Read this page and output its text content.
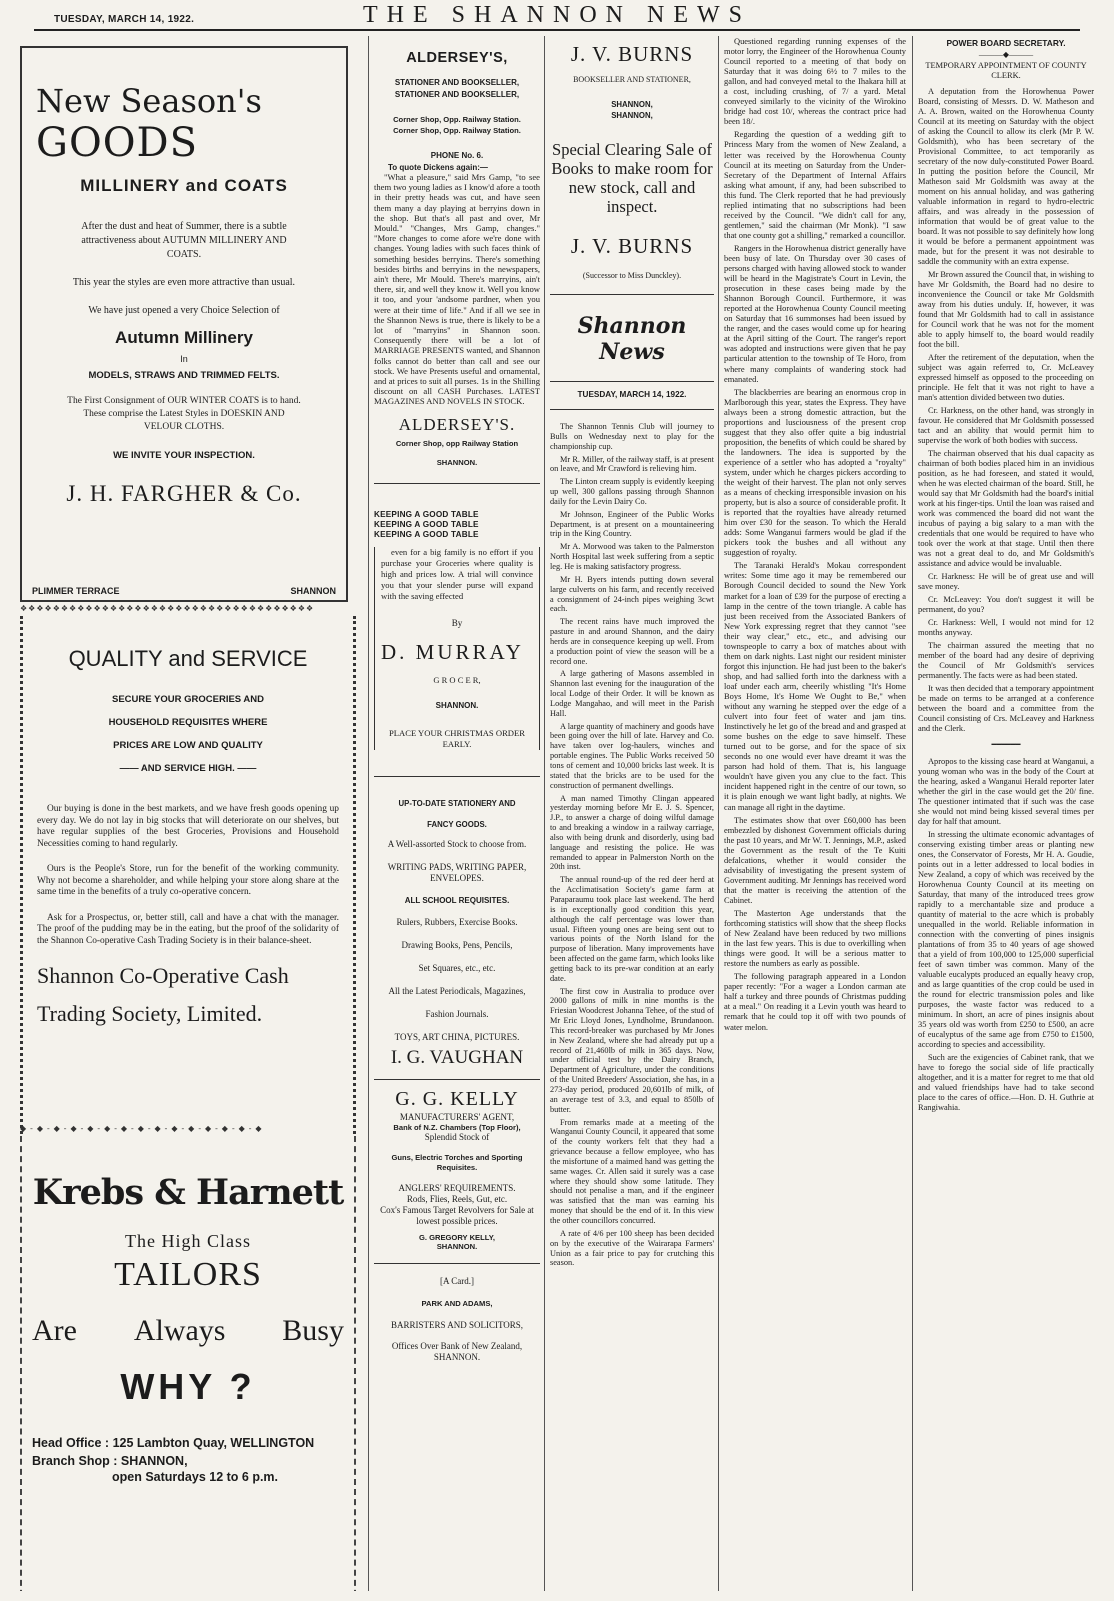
TUESDAY, MARCH 14, 1922.	THE SHANNON NEWS
New Season's
GOODS
MILLINERY and COATS
After the dust and heat of Summer, there is a subtle attractiveness about AUTUMN MILLINERY AND COATS.
This year the styles are even more attractive than usual.
We have just opened a very Choice Selection of
Autumn Millinery
In
MODELS, STRAWS AND TRIMMED FELTS.
The First Consignment of OUR WINTER COATS is to hand. These comprise the Latest Styles in DOESKIN AND VELOUR CLOTHS.
WE INVITE YOUR INSPECTION.
J. H. FARGHER & Co.
PLIMMER TERRACE	SHANNON
❖❖❖❖❖❖❖❖❖❖❖❖❖❖❖❖❖❖❖❖❖❖❖❖❖❖❖❖❖❖❖❖❖❖❖❖
QUALITY and SERVICE
SECURE YOUR GROCERIES AND
HOUSEHOLD REQUISITES WHERE
PRICES ARE LOW AND QUALITY
—— AND SERVICE HIGH. ——

Our buying is done in the best markets, and we have fresh goods opening up every day. We do not lay in big stocks that will deteriorate on our shelves, but have regular supplies of the best Groceries, Provisions and Household Necessities coming to hand regularly.

Ours is the People's Store, run for the benefit of the working community. Why not become a shareholder, and while helping your store along share at the same time in the benefits of a truly co-operative concern.

Ask for a Prospectus, or, better still, call and have a chat with the manager. The proof of the pudding may be in the eating, but the proof of the solidarity of the Shannon Co-operative Cash Trading Society is in their balance-sheet.

Shannon Co-Operative Cash
Trading Society, Limited.
◆ - ◆ - ◆ - ◆ - ◆ - ◆ - ◆ - ◆ - ◆ - ◆ - ◆ - ◆ - ◆ - ◆ - ◆
Krebs & Harnett
The High Class
TAILORS
Are Always Busy
WHY ?
Head Office : 125 Lambton Quay, WELLINGTON
Branch Shop : SHANNON,
open Saturdays 12 to 6 p.m.
ALDERSEY'S,
STATIONER AND BOOKSELLER,
STATIONER AND BOOKSELLER,
Corner Shop, Opp. Railway Station.
Corner Shop, Opp. Railway Station.
PHONE No. 6.
To quote Dickens again:—

"What a pleasure," said Mrs Gamp, "to see them two young ladies as I know'd afore a tooth in their pretty heads was cut, and have seen them many a day playing at berryins down in the shop. But that's all past and over, Mr Mould." "Changes, Mrs Gamp, changes." "More changes to come afore we're done with changes. Young ladies with such faces think of something besides berryins. There's something besides births and berryins in the newspapers, ain't there, Mr Mould. There's marryins, ain't there, sir, and well they know it. Well you know it too, and your 'andsome pardner, when you were at their time of life." And if all we see in the Shannon News is true, there is likely to be a lot of "marryins" in Shannon soon. Consequently there will be a lot of MARRIAGE PRESENTS wanted, and Shannon folks cannot do better than call and see our stock. We have Presents useful and ornamental, and at prices to suit all purses. 1s in the Shilling discount on all CASH Purchases. LATEST MAGAZINES AND NOVELS IN STOCK.

ALDERSEY'S.
Corner Shop, opp Railway Station
SHANNON.
KEEPING A GOOD TABLE
KEEPING A GOOD TABLE
KEEPING A GOOD TABLE

even for a big family is no effort if you purchase your Groceries where quality is high and prices low. A trial will convince you that your slender purse will expand with the saving effected

By
D. MURRAY
G R O C E R,
SHANNON.
PLACE YOUR CHRISTMAS ORDER EARLY.
UP-TO-DATE STATIONERY AND
FANCY GOODS.
A Well-assorted Stock to choose from.
WRITING PADS, WRITING PAPER, ENVELOPES.
ALL SCHOOL REQUISITES.
Rulers, Rubbers, Exercise Books.
Drawing Books, Pens, Pencils,
Set Squares, etc., etc.
All the Latest Periodicals, Magazines,
Fashion Journals.
TOYS, ART CHINA, PICTURES.
I. G. VAUGHAN
G. G. KELLY
MANUFACTURERS' AGENT,
Bank of N.Z. Chambers (Top Floor),
Splendid Stock of
Guns, Electric Torches and Sporting Requisites.
ANGLERS' REQUIREMENTS.
Rods, Flies, Reels, Gut, etc.
Cox's Famous Target Revolvers for Sale at lowest possible prices.
G. GREGORY KELLY,
SHANNON.
[A Card.]
PARK AND ADAMS,
BARRISTERS AND SOLICITORS,
Offices Over Bank of New Zealand, SHANNON.
J. V. BURNS
BOOKSELLER AND STATIONER,
SHANNON,
SHANNON,
Special Clearing Sale of Books to make room for new stock, call and inspect.
J. V. BURNS
(Successor to Miss Dunckley).
Shannon News
TUESDAY, MARCH 14, 1922.

The Shannon Tennis Club will journey to Bulls on Wednesday next to play for the championship cup.

Mr R. Miller, of the railway staff, is at present on leave, and Mr Crawford is relieving him.

The Linton cream supply is evidently keeping up well, 300 gallons passing through Shannon daily for the Levin Dairy Co.

Mr Johnson, Engineer of the Public Works Department, is at present on a mountaineering trip in the King Country.

Mr A. Morwood was taken to the Palmerston North Hospital last week suffering from a septic leg. He is making satisfactory progress.

Mr H. Byers intends putting down several large culverts on his farm, and recently received a consignment of 24-inch pipes weighing 3cwt each.

The recent rains have much improved the pasture in and around Shannon, and the dairy herds are in consequence keeping up well. From a production point of view the season will be a record one.

A large gathering of Masons assembled in Shannon last evening for the inauguration of the local Lodge of their Order. It will be known as Lodge Mangahao, and will meet in the Parish Hall.

A large quantity of machinery and goods have been going over the hill of late. Harvey and Co. have taken over log-haulers, winches and portable engines. The Public Works received 50 tons of cement and 10,000 bricks last week. It is stated that the bricks are to be used for the construction of permanent dwellings.

A man named Timothy Clingan appeared yesterday morning before Mr E. J. S. Spencer, J.P., to answer a charge of doing wilful damage to and breaking a window in a railway carriage, also with being drunk and disorderly, using bad language and resisting the police. He was remanded to appear in Palmerston North on the 20th inst.

The annual round-up of the red deer herd at the Acclimatisation Society's game farm at Paraparaumu took place last weekend. The herd is in exceptionally good condition this year, although the calf percentage was lower than usual. Fifteen young ones are being sent out to various points of the North Island for the purpose of liberation. Many improvements have been affected on the game farm, which looks like getting back to its pre-war condition at an early date.

The first cow in Australia to produce over 2000 gallons of milk in nine months is the Friesian Woodcrest Johanna Tehee, of the stud of Mr Eric Lloyd Jones, Lyndholme, Brundanoon. This record-breaker was purchased by Mr Jones in New Zealand, where she had already put up a record of 21,460lb of milk in 365 days. Now, under official test by the Dairy Branch, Department of Agriculture, under the conditions of the United Breeders' Association, she has, in a 273-day period, produced 20,601lb of milk, of an average test of 3.3, and equal to 850lb of butter.

From remarks made at a meeting of the Wanganui County Council, it appeared that some of the county workers felt that they had a grievance because a fellow employee, who has the misfortune of a maimed hand was getting the same wages. Cr. Allen said it surely was a case where they should show some latitude. They should not penalise a man, and if the engineer was satisfied that the man was earning his money that should be the end of it. In this view the other councillors concurred.

A rate of 4/6 per 100 sheep has been decided on by the executive of the Wairarapa Farmers' Union as a fair price to pay for crutching this season.

Questioned regarding running expenses of the motor lorry, the Engineer of the Horowhenua County Council reported to a meeting of that body on Saturday that it was doing 6½ to 7 miles to the gallon, and had conveyed metal to the Ihakara hill at a cost, including crushing, of 7/ a yard. Metal conveyed similarly to the vicinity of the Wirokino bridge had cost 10/, whereas the contract price had been 18/.

Regarding the question of a wedding gift to Princess Mary from the women of New Zealand, a letter was received by the Horowhenua County Council at its meeting on Saturday from the Under-Secretary of the Department of Internal Affairs asking what amount, if any, had been subscribed to this fund. The Clerk reported that he had previously replied intimating that no subscriptions had been received by the Council. "We didn't call for any, gentlemen," said the chairman (Mr Monk). "I saw that one county got a shilling," remarked a councillor.

Rangers in the Horowhenua district generally have been busy of late. On Thursday over 30 cases of persons charged with having allowed stock to wander will be heard in the Magistrate's Court in Levin, the prosecution in these cases being made by the Shannon Borough Council. Furthermore, it was reported at the Horowhenua County Council meeting on Saturday that 16 summonses had been issued by the ranger, and the cases would come up for hearing at the April sitting of the Court. The ranger's report was adopted and instructions were given that he pay particular attention to the township of Te Horo, from where many complaints of wandering stock had emanated.

The blackberries are bearing an enormous crop in Marlborough this year, states the Express. They have always been a strong domestic attraction, but the proportions and lusciousness of the present crop suggest that they also offer quite a big industrial proposition, the benefits of which could be shared by the landowners. The idea is supported by the experience of a settler who has adopted a "royalty" system, under which he charges pickers according to the weight of their harvest. The plan not only serves as a means of checking irresponsible invasion on his property, but is also a source of considerable profit. It is reported that the royalties have already returned him over £30 for the season. To which the Herald adds: Some Wanganui farmers would be glad if the pickers took the bushes and all without any suggestion of royalty.

The Taranaki Herald's Mokau correspondent writes: Some time ago it may be remembered our Borough Council decided to sound the New York market for a loan of £39 for the purpose of erecting a lamp in the centre of the town triangle. A cable has just been received from the Associated Bankers of New York expressing regret that they cannot "see their way clear," etc., etc., and advising our townspeople to carry a box of matches about with them on dark nights. Last night our resident minister forgot this injunction. He had just been to the baker's shop, and had sallied forth into the darkness with a loaf under each arm, cheerily whistling "It's Home Boys Home, It's Home We Ought to Be," when without any warning he stepped over the edge of a culvert into four feet of water and jam tins. Instinctively he let go of the bread and and grasped at some bushes on the edge to save himself. These turned out to be gorse, and for the space of six seconds no one would ever have dreamt it was the parson had hold of them. That is, his language wouldn't have given you any clue to the fact. This incident happened right in the centre of our town, so it is plain enough we want light badly, at nights. We can manage all right in the daytime.

The estimates show that over £60,000 has been embezzled by dishonest Government officials during the past 10 years, and Mr W. T. Jennings, M.P., asked the Government as the result of the Te Kuiti defalcations, whether it would consider the advisability of investigating the present system of Government auditing. Mr Jennings has received word that the matter is receiving the attention of the Cabinet.

The Masterton Age understands that the forthcoming statistics will show that the sheep flocks of New Zealand have been reduced by two millions in the last few years. This is due to overkilling when things were good. It will be a serious matter to restore the numbers as early as possible.

The following paragraph appeared in a London paper recently: "For a wager a London carman ate half a turkey and three pounds of Christmas pudding at a meal." On reading it a Levin youth was heard to remark that he could top it off with two pounds of water melon.

POWER BOARD SECRETARY.
———◆———
TEMPORARY APPOINTMENT OF COUNTY CLERK.

A deputation from the Horowhenua Power Board, consisting of Messrs. D. W. Matheson and A. A. Brown, waited on the Horowhenua County Council at its meeting on Saturday with the object of asking the Council to allow its clerk (Mr P. W. Goldsmith), who has been secretary of the Provisional Committee, to act temporarily as secretary of the now duly-constituted Power Board. In putting the position before the Council, Mr Matheson said Mr Goldsmith was away at the moment on his annual holiday, and was gathering valuable information in regard to hydro-electric affairs, and was already in the possession of information that would be of great value to the board. It was not possible to say definitely how long it would be before a permanent appointment was made, but for the present it was not desirable to saddle the community with an extra expense.

Mr Brown assured the Council that, in wishing to have Mr Goldsmith, the Board had no desire to inconvenience the Council or take Mr Goldsmith away from his duties unduly. If, however, it was found that Mr Goldsmith had to call in assistance for Council work that he was not for the moment able to apply himself to, the board would readily foot the bill.

After the retirement of the deputation, when the subject was again referred to, Cr. McLeavey expressed himself as opposed to the proceeding on principle. He felt that it was not right to have a man's attention divided between two duties.

Cr. Harkness, on the other hand, was strongly in favour. He considered that Mr Goldsmith possessed tact and an ability that would permit him to supervise the work of both bodies with success.

The chairman observed that his dual capacity as chairman of both bodies placed him in an invidious position, as he had foreseen, and stated it would, when he was elected chairman of the board. Still, he would say that Mr Goldsmith had the board's initial work at his finger-tips. Until the loan was raised and work was commenced the board did not want the incubus of paying a big salary to a man with the credentials that one would be required to have who took over the work at that stage. Until then there was not a great deal to do, and Mr Goldsmith's assistance and advice would be invaluable.

Cr. Harkness: He will be of great use and will save money.

Cr. McLeavey: You don't suggest it will be permanent, do you?

Cr. Harkness: Well, I would not mind for 12 months anyway.

The chairman assured the meeting that no member of the board had any desire of depriving the Council of Mr Goldsmith's services permanently. The facts were as had been stated.

It was then decided that a temporary appointment be made on terms to be arranged at a conference between the board and a committee from the Council consisting of Crs. McLeavey and Harkness and the Clerk.

━━━━━━

Apropos to the kissing case heard at Wanganui, a young woman who was in the body of the Court at the hearing, asked a Wanganui Herald reporter later whether the girl in the case would get the 20/ fine. The questioner intimated that if such was the case she would not mind being kissed several times per day for half that amount.

In stressing the ultimate economic advantages of conserving existing timber areas or planting new ones, the Conservator of Forests, Mr H. A. Goudie, points out in a letter addressed to local bodies in New Zealand, a copy of which was received by the Horowhenua County Council at its meeting on Saturday, that many of the introduced trees grow rapidly to a merchantable size and produce a quantity of material to the acre which is probably unequalled in the world. Reliable information in connection with the converting of pines insignis plantations of from 35 to 40 years of age showed that a yield of from 100,000 to 125,000 superficial feet of sawn timber was common. Many of the valuable eucalypts produced an equally heavy crop, and as large quantities of the crop could be used in the round for electric transmission poles and like purposes, the waste factor was reduced to a minimum. In short, an acre of pines insignis about 35 years old was worth from £250 to £500, an acre of eucalyptus of the same age from £750 to £1500, according to species and accessibility.

Such are the exigencies of Cabinet rank, that we have to forego the social side of life practically altogether, and it is a matter for regret to me that old and valued friendships have had to take second place to the cares of office.—Hon. D. H. Guthrie at Rangiwahia.
